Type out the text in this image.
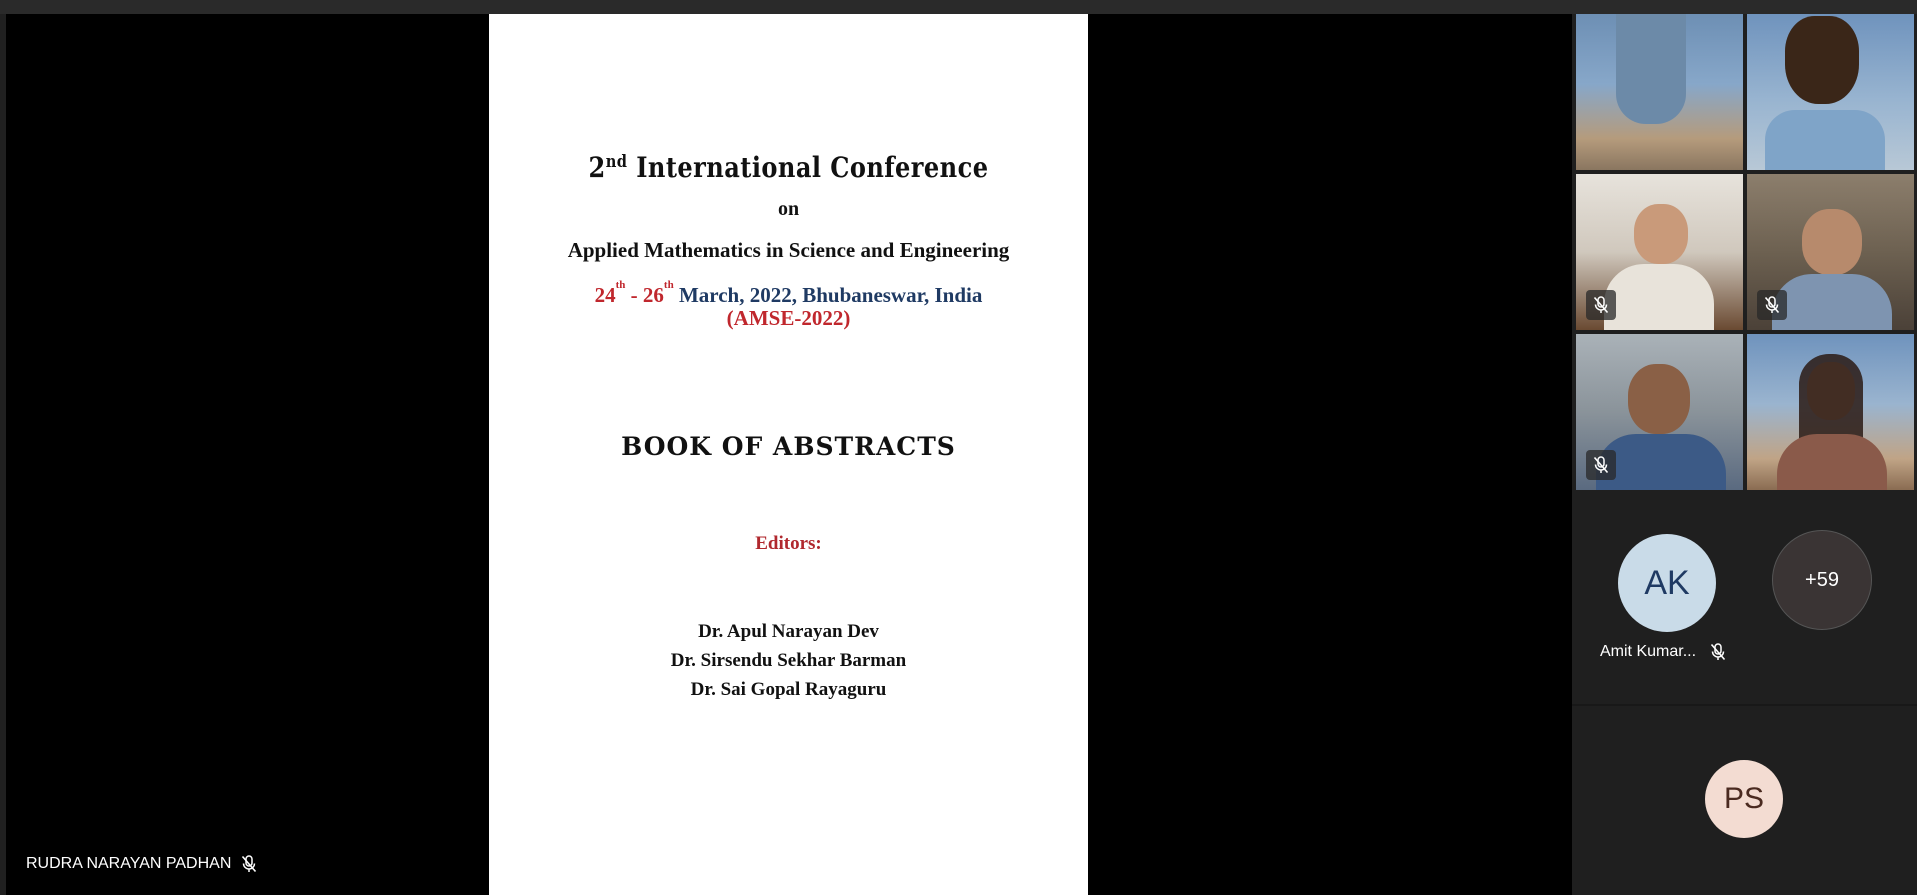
2nd International Conference
on
Applied Mathematics in Science and Engineering
24th - 26th March, 2022, Bhubaneswar, India
(AMSE-2022)
BOOK OF ABSTRACTS
Editors:
Dr. Apul Narayan Dev
Dr. Sirsendu Sekhar Barman
Dr. Sai Gopal Rayaguru
RUDRA NARAYAN PADHAN
AK	+59
Amit Kumar...
PS
